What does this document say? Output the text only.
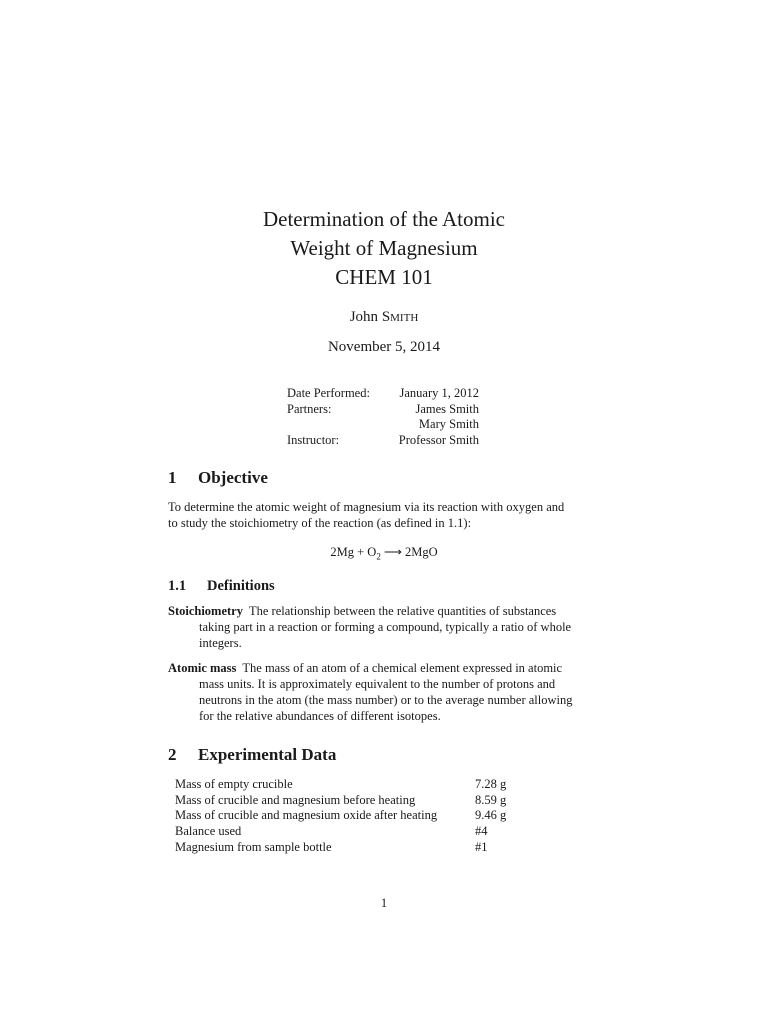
Determination of the Atomic
Weight of Magnesium
CHEM 101
John Smith
November 5, 2014
Date Performed: January 1, 2012
Partners:	James Smith
Mary Smith
Instructor:	Professor Smith
1 Objective
To determine the atomic weight of magnesium via its reaction with oxygen and
to study the stoichiometry of the reaction (as defined in 1.1):
$2Mg + O_2$ ⟶ 2MgO
1.1 Definitions
Stoichiometry The relationship between the relative quantities of substances
taking part in a reaction or forming a compound, typically a ratio of whole
integers.
Atomic mass The mass of an atom of a chemical element expressed in atomic
mass units. It is approximately equivalent to the number of protons and
neutrons in the atom (the mass number) or to the average number allowing
for the relative abundances of different isotopes.
2 Experimental Data
Mass of empty crucible	7.28 g
Mass of crucible and magnesium before heating	8.59 g
Mass of crucible and magnesium oxide after heating	9.46 g
Balance used	#4
Magnesium from sample bottle	#1
1
